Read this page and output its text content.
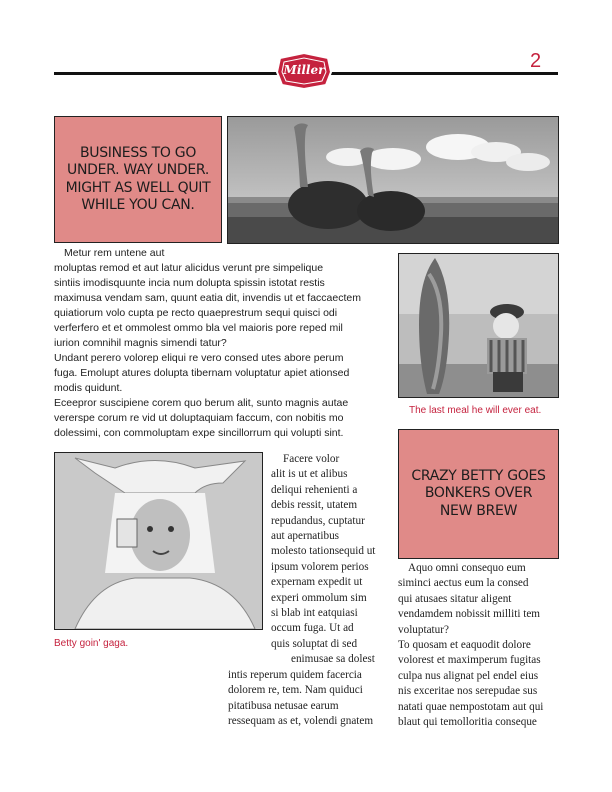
Miller	2
BUSINESS TO GO
UNDER. WAY UNDER.
MIGHT AS WELL QUIT
WHILE YOU CAN.
The last meal he will ever eat.

Metur rem untene aut

moluptas remod et aut latur alicidus verunt pre simpelique

sintiis imodisquunte incia num dolupta spissin istotat restis

maximusa vendam sam, quunt eatia dit, invendis ut et faccaectem

quiatiorum volo cupta pe recto quaeprestrum sequi quisci odi

verferfero et et ommolest ommo bla vel maioris pore reped mil

iurion comnihil magnis simendi tatur?

Undant perero volorep eliqui re vero consed utes abore perum

fuga. Emolupt atures dolupta tibernam voluptatur apiet ationsed

modis quidunt.

Eceepror suscipiene corem quo berum alit, sunto magnis autae

vererspe corum re vid ut doluptaquiam faccum, con nobitis mo

dolessimi, con commoluptam expe sincillorrum qui volupti sint.

Betty goin' gaga.

Facere volor

alit is ut et alibus

deliqui rehenienti a

debis ressit, utatem

repudandus, cuptatur

aut apernatibus

molesto tationsequid ut

ipsum volorem perios

expernam expedit ut

experi ommolum sim

si blab int eatquiasi

occum fuga. Ut ad

quis soluptat di sed

enimusae sa dolest

intis reperum quidem facercia

dolorem re, tem. Nam quiduci

pitatibusa netusae earum

ressequam as et, volendi gnatem

CRAZY BETTY GOES
BONKERS OVER
NEW BREW

Aquo omni consequo eum

siminci aectus eum la consed

qui atusaes sitatur aligent

vendamdem nobissit milliti tem

voluptatur?

To quosam et eaquodit dolore

volorest et maximperum fugitas

culpa nus alignat pel endel eius

nis exceritae nos serepudae sus

natati quae nempostotam aut qui

blaut qui temolloritia conseque
